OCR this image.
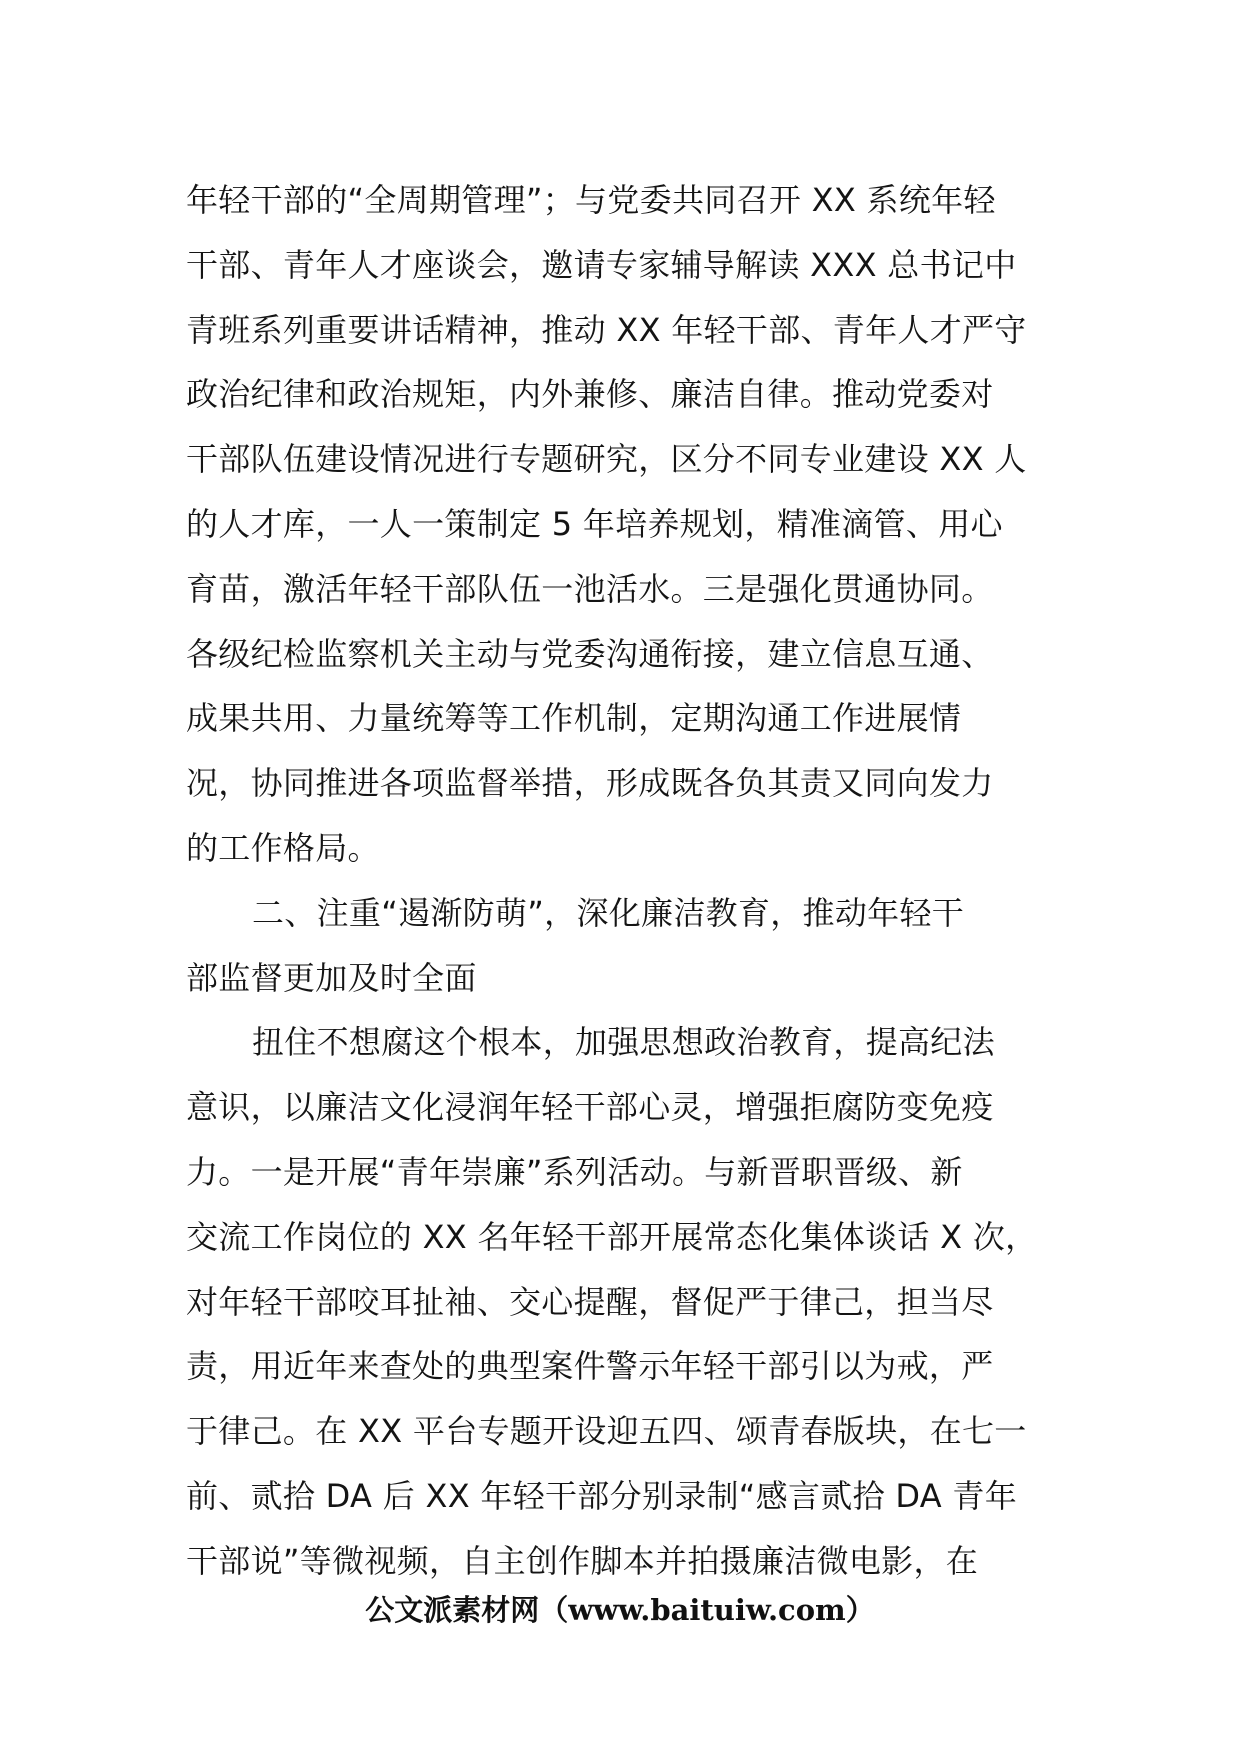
年轻干部的“全周期管理”；与党委共同召开 XX 系统年轻
干部、青年人才座谈会，邀请专家辅导解读 XXX 总书记中
青班系列重要讲话精神，推动 XX 年轻干部、青年人才严守
政治纪律和政治规矩，内外兼修、廉洁自律。推动党委对
干部队伍建设情况进行专题研究，区分不同专业建设 XX 人
的人才库，一人一策制定 5 年培养规划，精准滴管、用心
育苗，激活年轻干部队伍一池活水。三是强化贯通协同。
各级纪检监察机关主动与党委沟通衔接，建立信息互通、
成果共用、力量统筹等工作机制，定期沟通工作进展情
况，协同推进各项监督举措，形成既各负其责又同向发力
的工作格局。
二、注重“遏渐防萌”，深化廉洁教育，推动年轻干
部监督更加及时全面
扭住不想腐这个根本，加强思想政治教育，提高纪法
意识，以廉洁文化浸润年轻干部心灵，增强拒腐防变免疫
力。一是开展“青年崇廉”系列活动。与新晋职晋级、新
交流工作岗位的 XX 名年轻干部开展常态化集体谈话 X 次，
对年轻干部咬耳扯袖、交心提醒，督促严于律己，担当尽
责，用近年来查处的典型案件警示年轻干部引以为戒，严
于律己。在 XX 平台专题开设迎五四、颂青春版块，在七一
前、贰拾 DA 后 XX 年轻干部分别录制“感言贰拾 DA 青年
干部说”等微视频，自主创作脚本并拍摄廉洁微电影，在
公文派素材网（www.baituiw.com）
